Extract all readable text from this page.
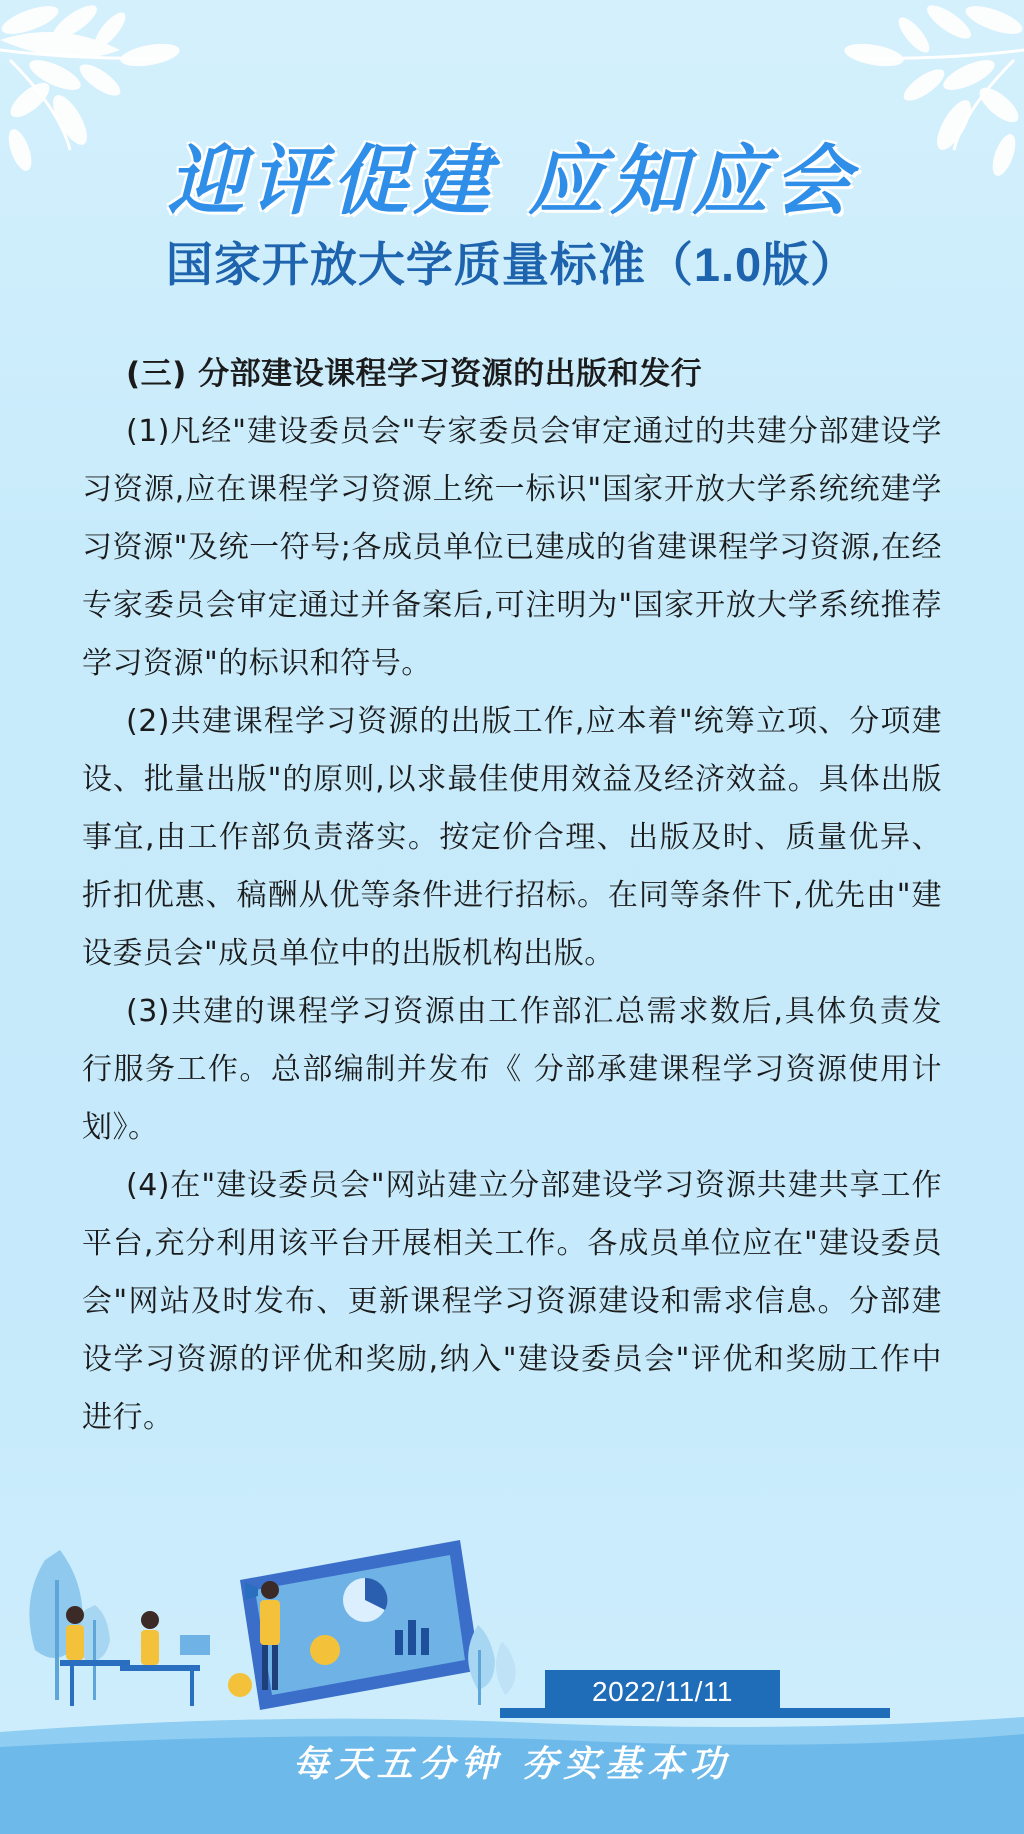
迎评促建 应知应会
国家开放大学质量标准（1.0版）
(三) 分部建设课程学习资源的出版和发行

(1)凡经"建设委员会"专家委员会审定通过的共建分部建设学习资源,应在课程学习资源上统一标识"国家开放大学系统统建学习资源"及统一符号;各成员单位已建成的省建课程学习资源,在经专家委员会审定通过并备案后,可注明为"国家开放大学系统推荐学习资源"的标识和符号。

(2)共建课程学习资源的出版工作,应本着"统筹立项、分项建设、批量出版"的原则,以求最佳使用效益及经济效益。具体出版事宜,由工作部负责落实。按定价合理、出版及时、质量优异、折扣优惠、稿酬从优等条件进行招标。在同等条件下,优先由"建设委员会"成员单位中的出版机构出版。

(3)共建的课程学习资源由工作部汇总需求数后,具体负责发行服务工作。总部编制并发布《 分部承建课程学习资源使用计划》。

(4)在"建设委员会"网站建立分部建设学习资源共建共享工作平台,充分利用该平台开展相关工作。各成员单位应在"建设委员会"网站及时发布、更新课程学习资源建设和需求信息。分部建设学习资源的评优和奖励,纳入"建设委员会"评优和奖励工作中进行。

2022/11/11
每天五分钟 夯实基本功
